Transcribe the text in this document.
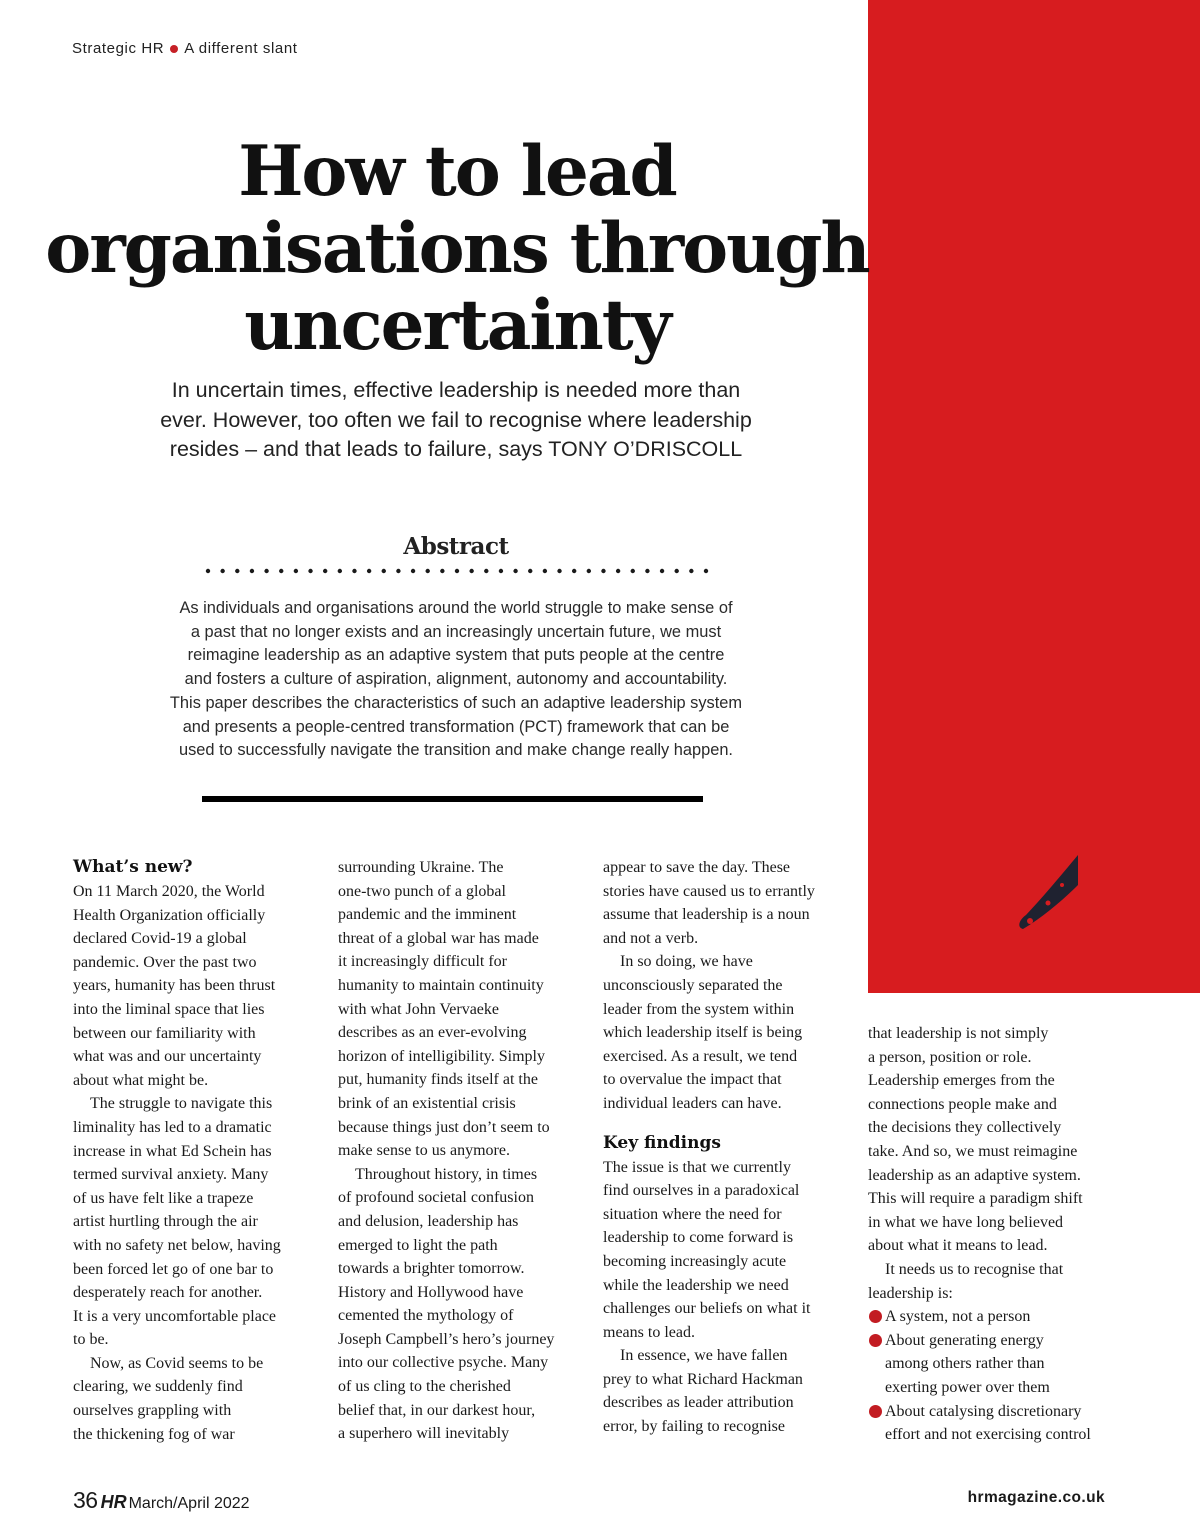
Strategic HR A different slant
How to lead
organisations through
uncertainty
In uncertain times, effective leadership is needed more than
ever. However, too often we fail to recognise where leadership
resides – and that leads to failure, says TONY O’DRISCOLL
Abstract
As individuals and organisations around the world struggle to make sense of
a past that no longer exists and an increasingly uncertain future, we must
reimagine leadership as an adaptive system that puts people at the centre
and fosters a culture of aspiration, alignment, autonomy and accountability.
This paper describes the characteristics of such an adaptive leadership system
and presents a people-centred transformation (PCT) framework that can be
used to successfully navigate the transition and make change really happen.
What’s new?

On 11 March 2020, the World
Health Organization officially
declared Covid-19 a global
pandemic. Over the past two
years, humanity has been thrust
into the liminal space that lies
between our familiarity with
what was and our uncertainty
about what might be.

The struggle to navigate this
liminality has led to a dramatic
increase in what Ed Schein has
termed survival anxiety. Many
of us have felt like a trapeze
artist hurtling through the air
with no safety net below, having
been forced let go of one bar to
desperately reach for another.
It is a very uncomfortable place
to be.

Now, as Covid seems to be
clearing, we suddenly find
ourselves grappling with
the thickening fog of war

surrounding Ukraine. The
one-two punch of a global
pandemic and the imminent
threat of a global war has made
it increasingly difficult for
humanity to maintain continuity
with what John Vervaeke
describes as an ever-evolving
horizon of intelligibility. Simply
put, humanity finds itself at the
brink of an existential crisis
because things just don’t seem to
make sense to us anymore.

Throughout history, in times
of profound societal confusion
and delusion, leadership has
emerged to light the path
towards a brighter tomorrow.
History and Hollywood have
cemented the mythology of
Joseph Campbell’s hero’s journey
into our collective psyche. Many
of us cling to the cherished
belief that, in our darkest hour,
a superhero will inevitably

appear to save the day. These
stories have caused us to errantly
assume that leadership is a noun
and not a verb.

In so doing, we have
unconsciously separated the
leader from the system within
which leadership itself is being
exercised. As a result, we tend
to overvalue the impact that
individual leaders can have.

Key findings

The issue is that we currently
find ourselves in a paradoxical
situation where the need for
leadership to come forward is
becoming increasingly acute
while the leadership we need
challenges our beliefs on what it
means to lead.

In essence, we have fallen
prey to what Richard Hackman
describes as leader attribution
error, by failing to recognise

that leadership is not simply
a person, position or role.
Leadership emerges from the
connections people make and
the decisions they collectively
take. And so, we must reimagine
leadership as an adaptive system.
This will require a paradigm shift
in what we have long believed
about what it means to lead.

It needs us to recognise that
leadership is:

A system, not a person
About generating energy
among others rather than
exerting power over them
About catalysing discretionary
effort and not exercising control
36 HR March/April 2022	hrmagazine.co.uk
